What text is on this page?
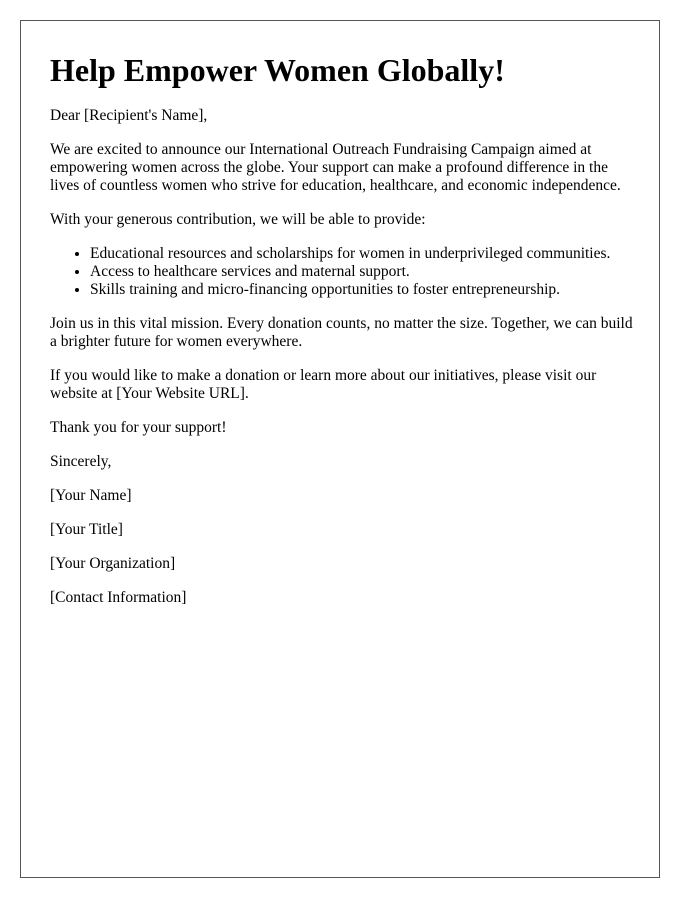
Help Empower Women Globally!

Dear [Recipient's Name],

We are excited to announce our International Outreach Fundraising Campaign aimed at empowering women across the globe. Your support can make a profound difference in the lives of countless women who strive for education, healthcare, and economic independence.

With your generous contribution, we will be able to provide:

• Educational resources and scholarships for women in underprivileged communities.
• Access to healthcare services and maternal support.
• Skills training and micro-financing opportunities to foster entrepreneurship.

Join us in this vital mission. Every donation counts, no matter the size. Together, we can build a brighter future for women everywhere.

If you would like to make a donation or learn more about our initiatives, please visit our website at [Your Website URL].

Thank you for your support!

Sincerely,

[Your Name]

[Your Title]

[Your Organization]

[Contact Information]
